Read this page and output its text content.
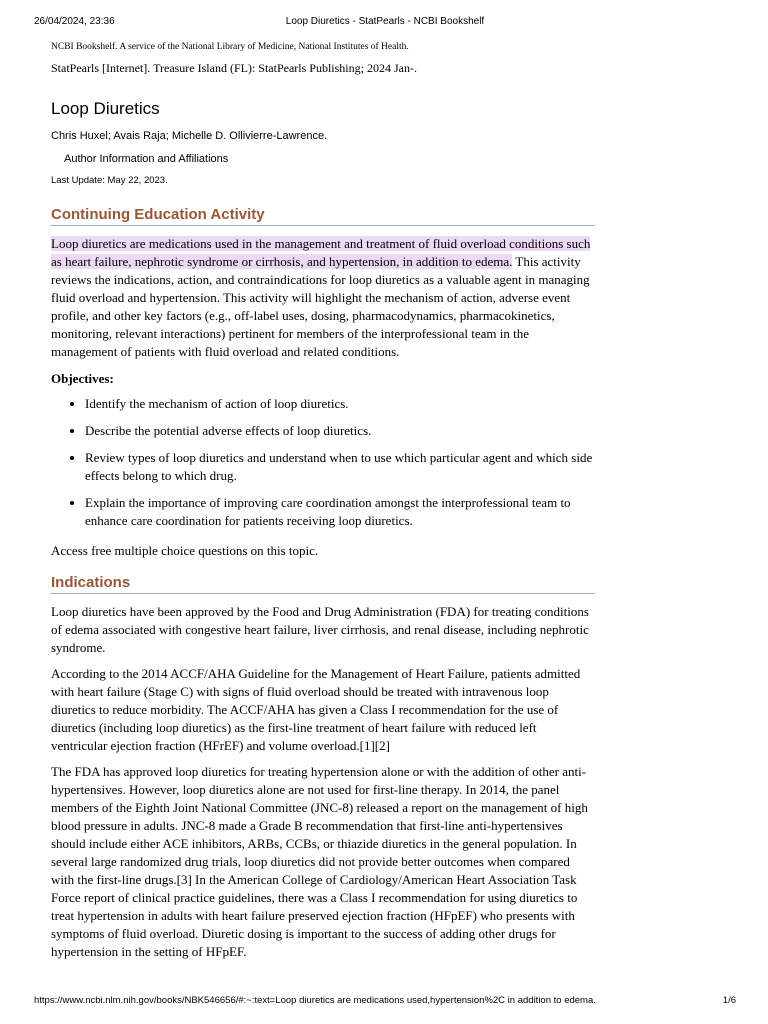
26/04/2024, 23:36	Loop Diuretics - StatPearls - NCBI Bookshelf

NCBI Bookshelf. A service of the National Library of Medicine, National Institutes of Health.

StatPearls [Internet]. Treasure Island (FL): StatPearls Publishing; 2024 Jan-.

Loop Diuretics

Chris Huxel; Avais Raja; Michelle D. Ollivierre-Lawrence.

Author Information and Affiliations

Last Update: May 22, 2023.

Continuing Education Activity

Loop diuretics are medications used in the management and treatment of fluid overload conditions such as heart failure, nephrotic syndrome or cirrhosis, and hypertension, in addition to edema. This activity reviews the indications, action, and contraindications for loop diuretics as a valuable agent in managing fluid overload and hypertension. This activity will highlight the mechanism of action, adverse event profile, and other key factors (e.g., off-label uses, dosing, pharmacodynamics, pharmacokinetics, monitoring, relevant interactions) pertinent for members of the interprofessional team in the management of patients with fluid overload and related conditions.

Objectives:

• Identify the mechanism of action of loop diuretics.
• Describe the potential adverse effects of loop diuretics.
• Review types of loop diuretics and understand when to use which particular agent and which side effects belong to which drug.
• Explain the importance of improving care coordination amongst the interprofessional team to enhance care coordination for patients receiving loop diuretics.

Access free multiple choice questions on this topic.

Indications

Loop diuretics have been approved by the Food and Drug Administration (FDA) for treating conditions of edema associated with congestive heart failure, liver cirrhosis, and renal disease, including nephrotic syndrome.

According to the 2014 ACCF/AHA Guideline for the Management of Heart Failure, patients admitted with heart failure (Stage C) with signs of fluid overload should be treated with intravenous loop diuretics to reduce morbidity. The ACCF/AHA has given a Class I recommendation for the use of diuretics (including loop diuretics) as the first-line treatment of heart failure with reduced left ventricular ejection fraction (HFrEF) and volume overload.[1][2]

The FDA has approved loop diuretics for treating hypertension alone or with the addition of other anti-hypertensives. However, loop diuretics alone are not used for first-line therapy. In 2014, the panel members of the Eighth Joint National Committee (JNC-8) released a report on the management of high blood pressure in adults. JNC-8 made a Grade B recommendation that first-line anti-hypertensives should include either ACE inhibitors, ARBs, CCBs, or thiazide diuretics in the general population. In several large randomized drug trials, loop diuretics did not provide better outcomes when compared with the first-line drugs.[3] In the American College of Cardiology/American Heart Association Task Force report of clinical practice guidelines, there was a Class I recommendation for using diuretics to treat hypertension in adults with heart failure preserved ejection fraction (HFpEF) who presents with symptoms of fluid overload. Diuretic dosing is important to the success of adding other drugs for hypertension in the setting of HFpEF.

https://www.ncbi.nlm.nih.gov/books/NBK546656/#:~:text=Loop diuretics are medications used,hypertension%2C in addition to edema.	1/6
